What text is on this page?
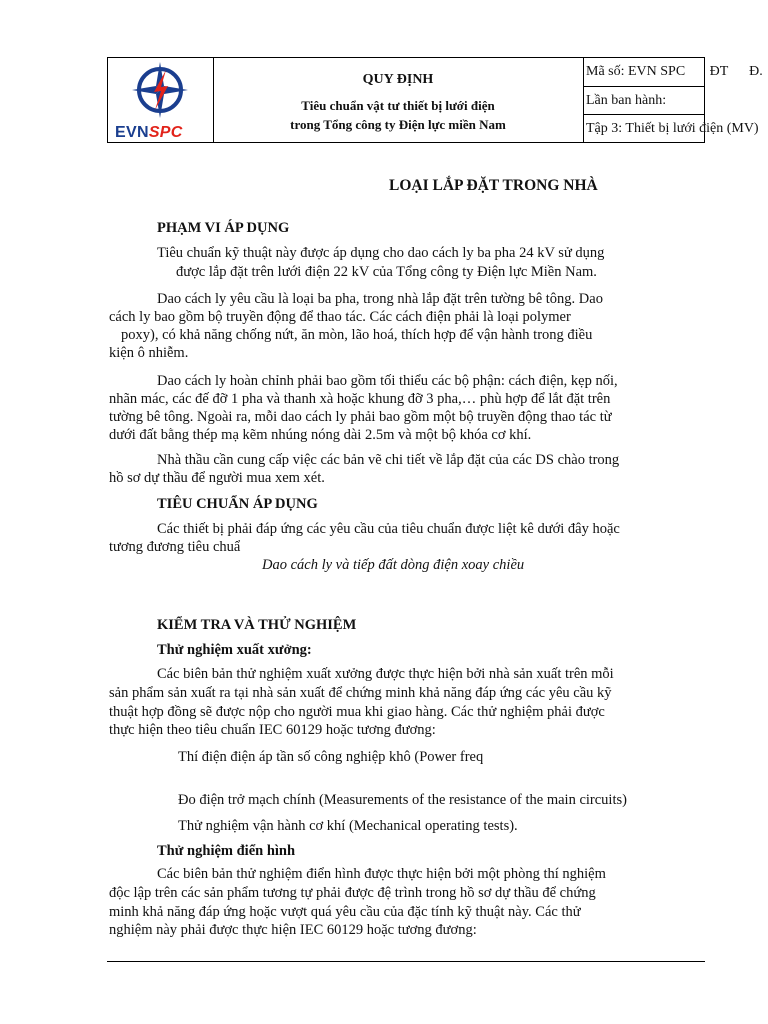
EVNSPC
QUY ĐỊNH
Tiêu chuẩn vật tư thiết bị lưới điện
trong Tổng công ty Điện lực miền Nam
Mã số: EVN SPC       ĐT      Đ.
Lần ban hành:
Tập 3: Thiết bị lưới điện (MV)
LOẠI LẮP ĐẶT TRONG NHÀ
PHẠM VI ÁP DỤNG
Tiêu chuẩn kỹ thuật này được áp dụng cho dao cách ly ba pha 24 kV sử dụng
được lắp đặt trên lưới điện 22 kV của Tổng công ty Điện lực Miền Nam.
Dao cách ly yêu cầu là loại ba pha, trong nhà lắp đặt trên tường bê tông. Dao
cách ly bao gồm bộ truyền động để thao tác. Các cách điện phải là loại polymer
poxy), có khả năng chống nứt, ăn mòn, lão hoá, thích hợp để vận hành trong điều
kiện ô nhiễm.
Dao cách ly hoàn chỉnh phải bao gồm tối thiểu các bộ phận: cách điện, kẹp nối,
nhãn mác, các đế đỡ 1 pha và thanh xà hoặc khung đỡ 3 pha,… phù hợp để lắt đặt trên
tường bê tông. Ngoài ra, mỗi dao cách ly phải bao gồm một bộ truyền động thao tác từ
dưới đất bằng thép mạ kẽm nhúng nóng dài 2.5m và một bộ khóa cơ khí.
Nhà thầu cần cung cấp việc các bản vẽ chi tiết về lắp đặt của các DS chào trong
hồ sơ dự thầu để người mua xem xét.
TIÊU CHUẨN ÁP DỤNG
Các thiết bị phải đáp ứng các yêu cầu của tiêu chuẩn được liệt kê dưới đây hoặc
tương đương tiêu chuẩ
Dao cách ly và tiếp đất dòng điện xoay chiều
KIỂM TRA VÀ THỬ NGHIỆM
Thử nghiệm xuất xưởng:
Các biên bản thử nghiệm xuất xưởng được thực hiện bởi nhà sản xuất trên mỗi
sản phẩm sản xuất ra tại nhà sản xuất để chứng minh khả năng đáp ứng các yêu cầu kỹ
thuật hợp đồng sẽ được nộp cho người mua khi giao hàng. Các thử nghiệm phải được
thực hiện theo tiêu chuẩn IEC 60129 hoặc tương đương:
Thí điện điện áp tần số công nghiệp khô (Power freq
Đo điện trở mạch chính (Measurements of the resistance of the main circuits)
Thử nghiệm vận hành cơ khí (Mechanical operating tests).
Thử nghiệm điển hình
Các biên bản thử nghiệm điển hình được thực hiện bởi một phòng thí nghiệm
độc lập trên các sản phẩm tương tự phải được đệ trình trong hồ sơ dự thầu để chứng
minh khả năng đáp ứng hoặc vượt quá yêu cầu của đặc tính kỹ thuật này. Các thử
nghiệm này phải được thực hiện IEC 60129 hoặc tương đương:
